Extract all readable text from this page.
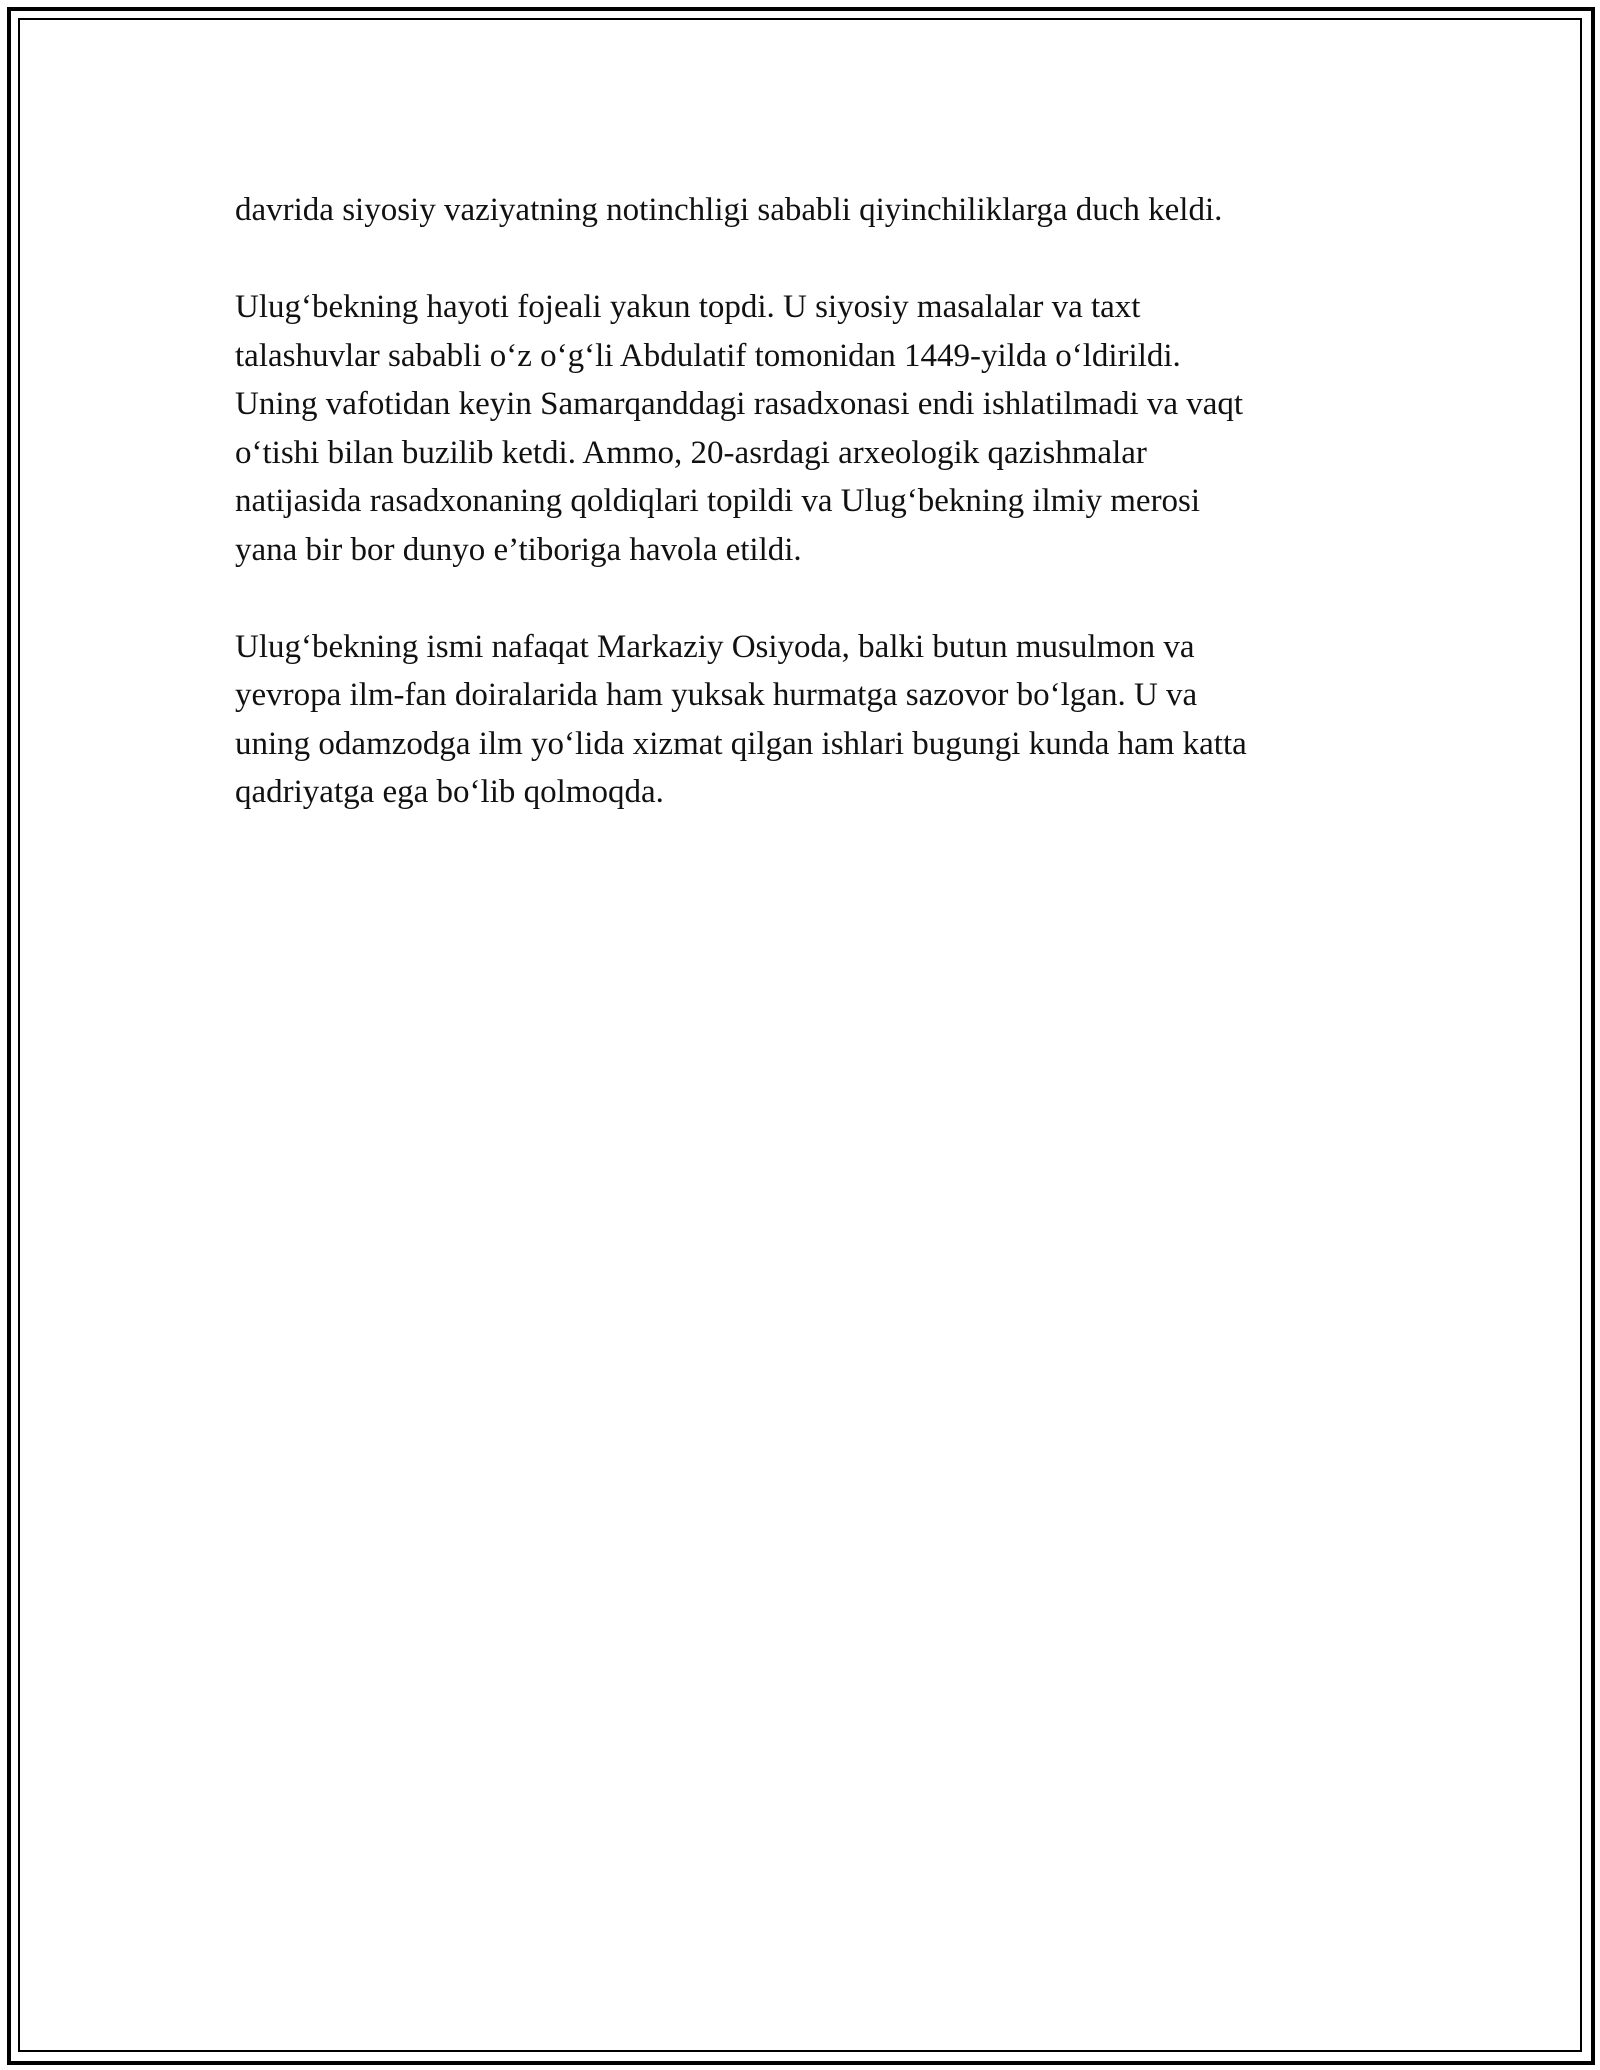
davrida siyosiy vaziyatning notinchligi sababli qiyinchiliklarga duch keldi.

Ulug‘bekning hayoti fojeali yakun topdi. U siyosiy masalalar va taxt
talashuvlar sababli o‘z o‘g‘li Abdulatif tomonidan 1449-yilda o‘ldirildi.
Uning vafotidan keyin Samarqanddagi rasadxonasi endi ishlatilmadi va vaqt
o‘tishi bilan buzilib ketdi. Ammo, 20-asrdagi arxeologik qazishmalar
natijasida rasadxonaning qoldiqlari topildi va Ulug‘bekning ilmiy merosi
yana bir bor dunyo e’tiboriga havola etildi.

Ulug‘bekning ismi nafaqat Markaziy Osiyoda, balki butun musulmon va
yevropa ilm-fan doiralarida ham yuksak hurmatga sazovor bo‘lgan. U va
uning odamzodga ilm yo‘lida xizmat qilgan ishlari bugungi kunda ham katta
qadriyatga ega bo‘lib qolmoqda.
